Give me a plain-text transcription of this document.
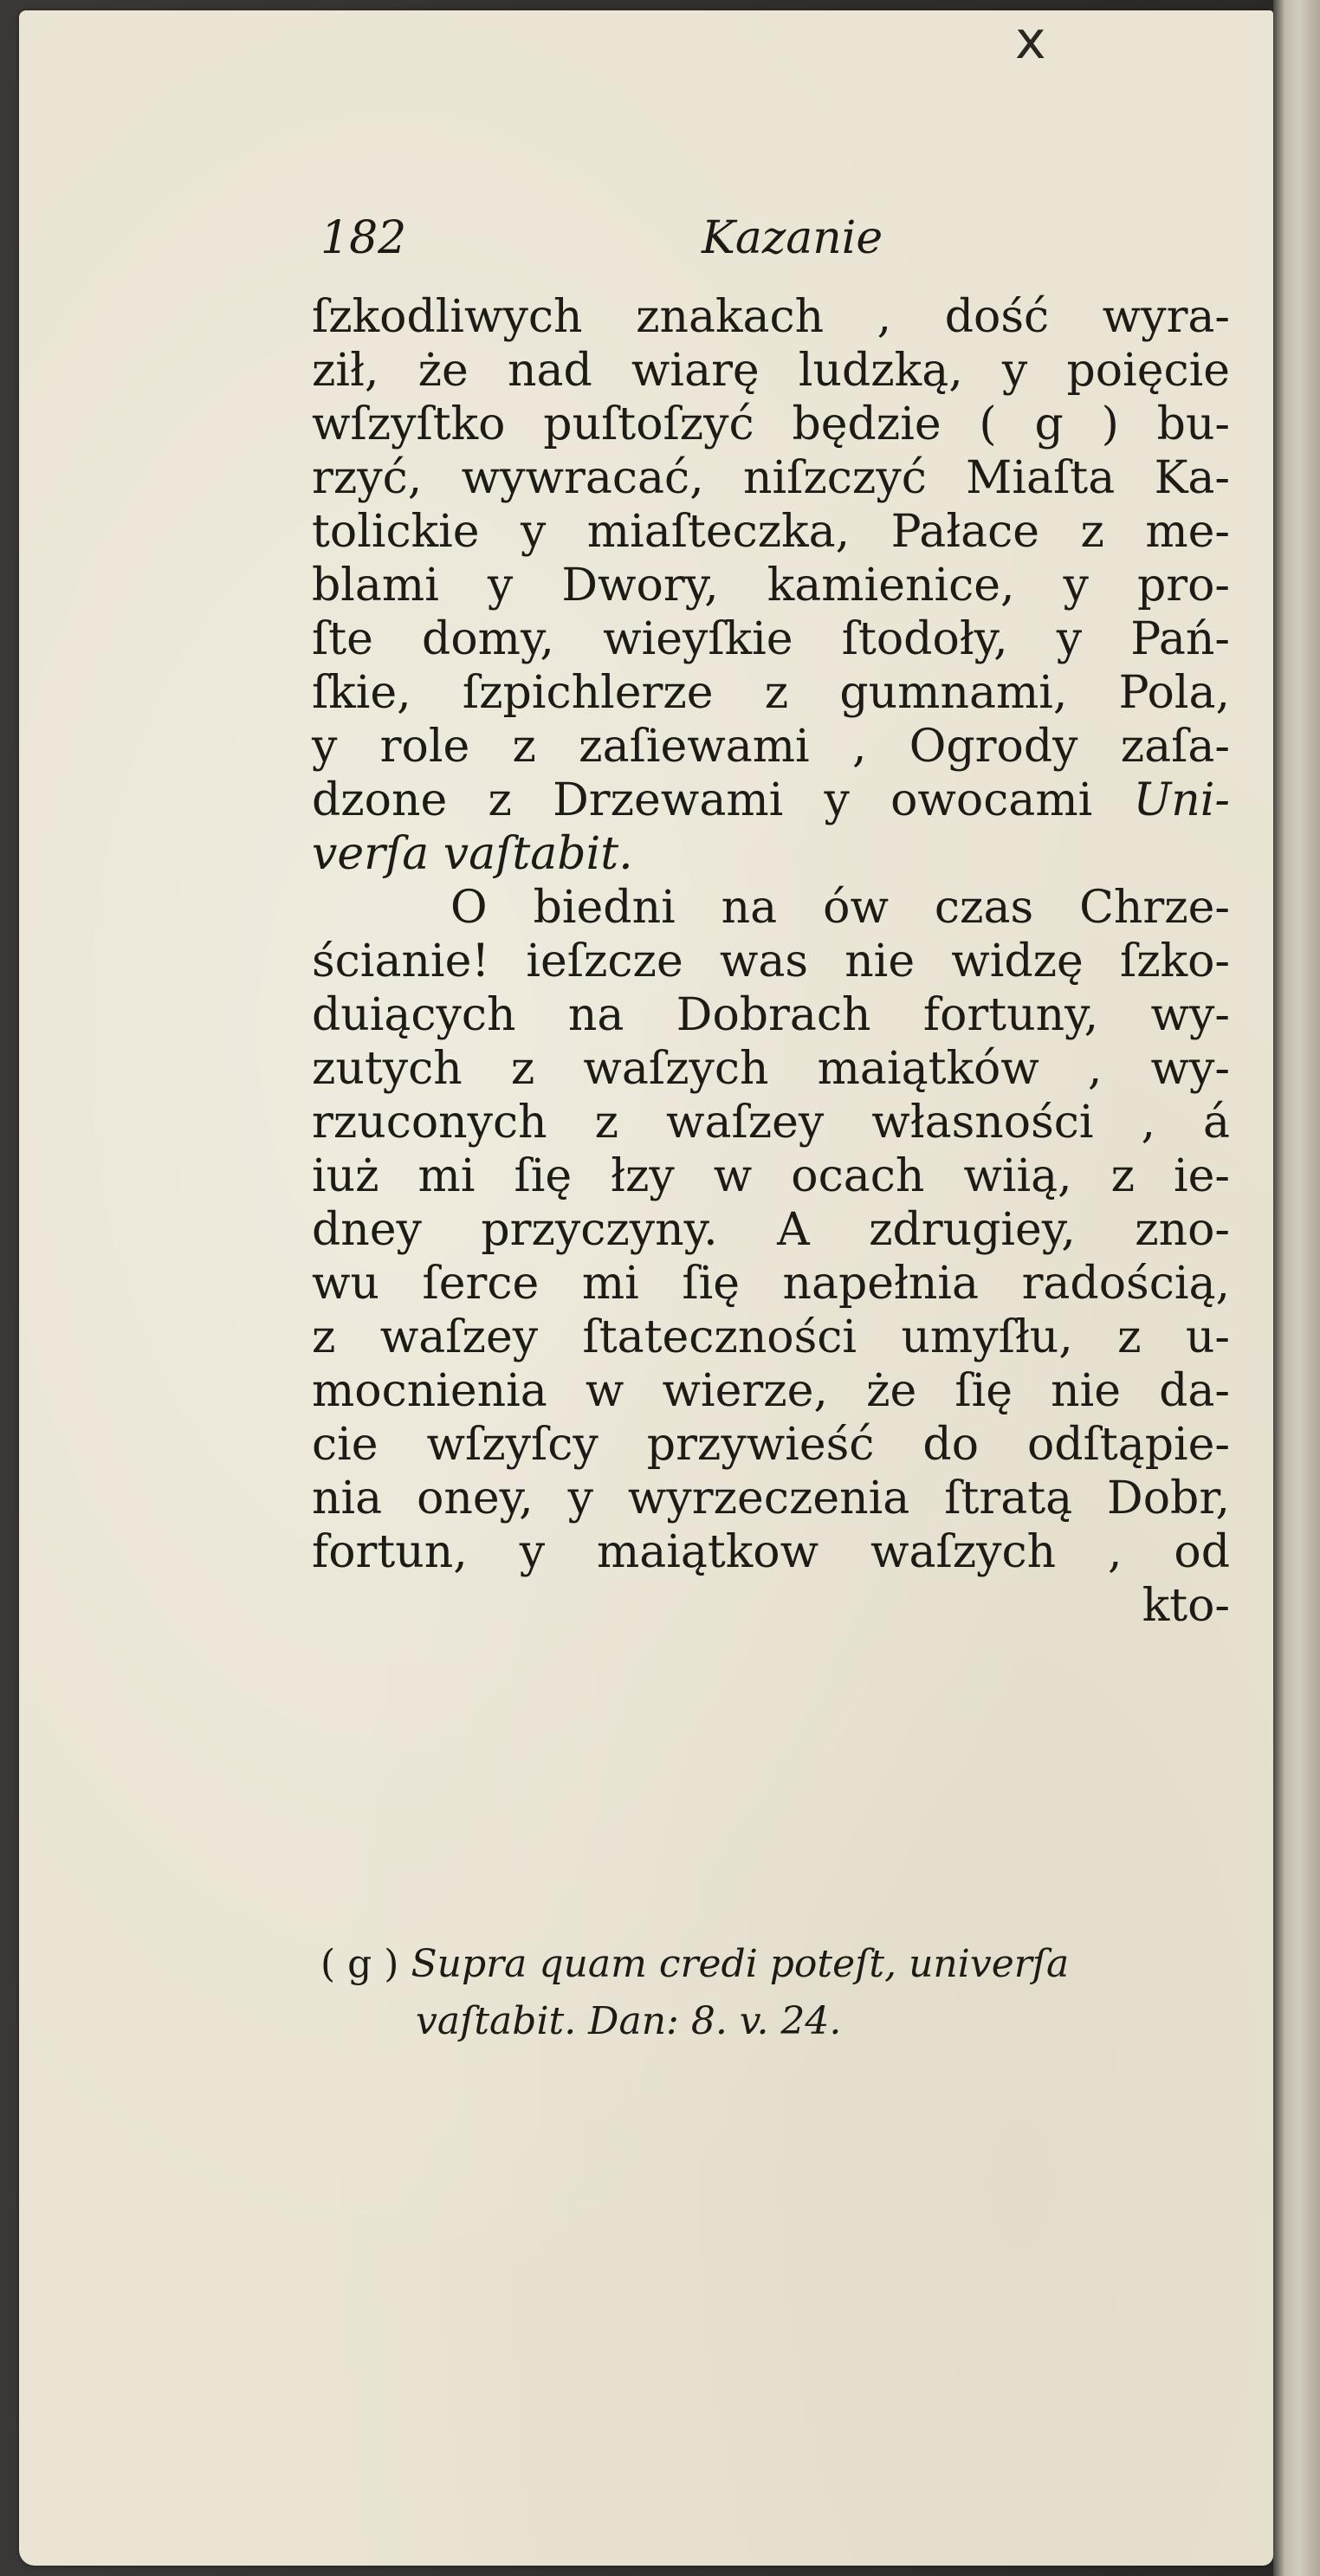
x
182	Kazanie
ſzkodliwych znakach , dość wyra-
ził, że nad wiarę ludzką, y poięcie
wſzyſtko puſtoſzyć będzie ( g ) bu-
rzyć, wywracać, niſzczyć Miaſta Ka-
tolickie y miaſteczka, Pałace z me-
blami y Dwory, kamienice, y pro-
ſte domy, wieyſkie ſtodoły, y Pań-
ſkie, ſzpichlerze z gumnami, Pola,
y role z zaſiewami , Ogrody zaſa-
dzone z Drzewami y owocami Uni-
verſa vaſtabit.
O biedni na ów czas Chrze-
ścianie! ieſzcze was nie widzę ſzko-
duiących na Dobrach fortuny, wy-
zutych z waſzych maiątków , wy-
rzuconych z waſzey własności , á
iuż mi ſię łzy w ocach wiią, z ie-
dney przyczyny. A zdrugiey, zno-
wu ſerce mi ſię napełnia radością,
z waſzey ſtateczności umyſłu, z u-
mocnienia w wierze, że ſię nie da-
cie wſzyſcy przywieść do odſtąpie-
nia oney, y wyrzeczenia ſtratą Dobr,
fortun, y maiątkow waſzych , od
kto-
( g ) Supra quam credi poteſt, univerſa
vaſtabit. Dan: 8. v. 24.
